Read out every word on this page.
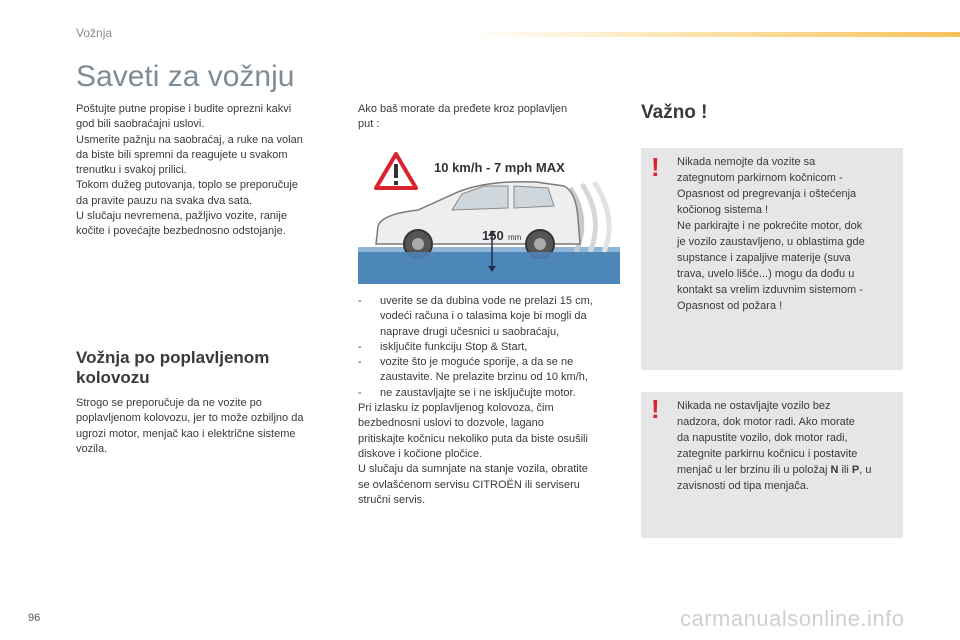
Vožnja
Saveti za vožnju

Poštujte putne propise i budite oprezni kakvi

god bili saobraćajni uslovi.

Usmerite pažnju na saobraćaj, a ruke na volan

da biste bili spremni da reagujete u svakom

trenutku i svakoj prilici.

Tokom dužeg putovanja, toplo se preporučuje

da pravite pauzu na svaka dva sata.

U slučaju nevremena, pažljivo vozite, ranije

kočite i povećajte bezbednosno odstojanje.

Vožnja po poplavljenom

kolovozu

Strogo se preporučuje da ne vozite po

poplavljenom kolovozu, jer to može ozbiljno da

ugrozi motor, menjač kao i električne sisteme

vozila.

Ako baš morate da pređete kroz poplavljen

put :

150 mm
10 km/h - 7 mph MAX
- uverite se da dubina vode ne prelazi 15 cm,
vodeći računa i o talasima koje bi mogli da
naprave drugi učesnici u saobraćaju,
- isključite funkciju Stop & Start,
- vozite što je moguće sporije, a da se ne
zaustavite. Ne prelazite brzinu od 10 km/h,
- ne zaustavljajte se i ne isključujte motor.

Pri izlasku iz poplavljenog kolovoza, čim

bezbednosni uslovi to dozvole, lagano

pritiskajte kočnicu nekoliko puta da biste osušili

diskove i kočione pločice.

U slučaju da sumnjate na stanje vozila, obratite

se ovlašćenom servisu CITROËN ili serviseru

stručni servis.

Važno !
! Nikada nemojte da vozite sa
zategnutom parkirnom kočnicom -
Opasnost od pregrevanja i oštećenja
kočionog sistema !
Ne parkirajte i ne pokrećite motor, dok
je vozilo zaustavljeno, u oblastima gde
supstance i zapaljive materije (suva
trava, uvelo lišće...) mogu da dođu u
kontakt sa vrelim izduvnim sistemom -
Opasnost od požara !
! Nikada ne ostavljajte vozilo bez
nadzora, dok motor radi. Ako morate
da napustite vozilo, dok motor radi,
zategnite parkirnu kočnicu i postavite
menjač u ler brzinu ili u položaj N ili P, u
zavisnosti od tipa menjača.
96	carmanualsonline.info
